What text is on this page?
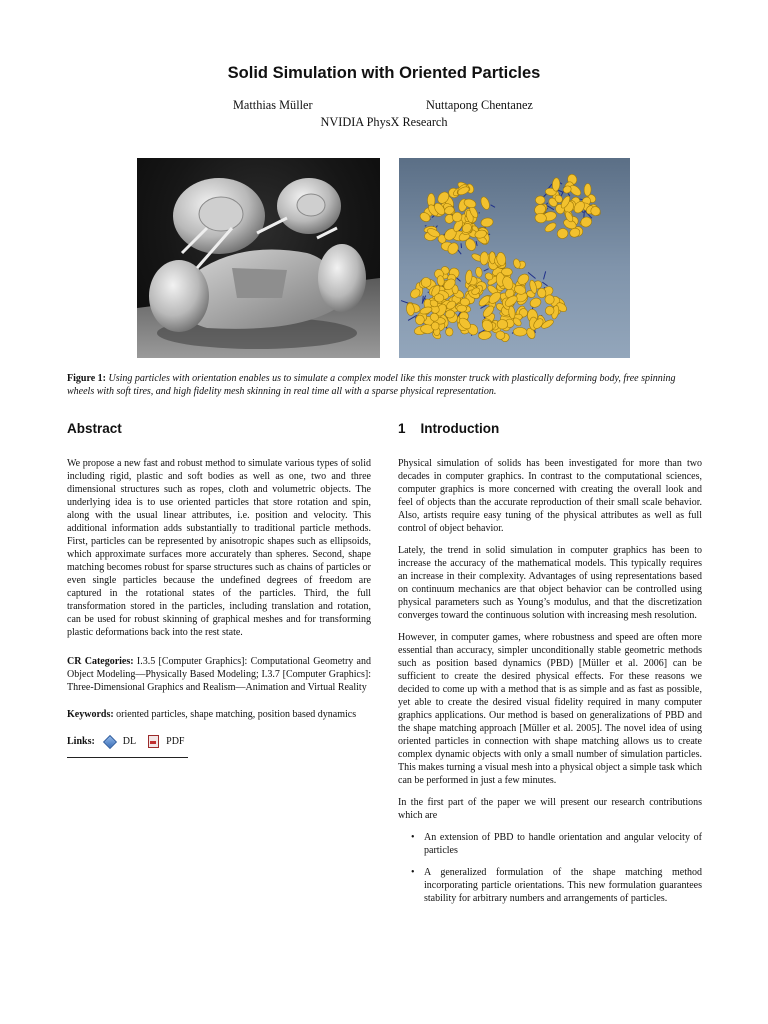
Solid Simulation with Oriented Particles
Matthias Müller	Nuttapong Chentanez
NVIDIA PhysX Research
Figure 1: Using particles with orientation enables us to simulate a complex model like this monster truck with plastically deforming body, free spinning wheels with soft tires, and high fidelity mesh skinning in real time all with a sparse physical representation.
Abstract

We propose a new fast and robust method to simulate various types of solid including rigid, plastic and soft bodies as well as one, two and three dimensional structures such as ropes, cloth and volumetric objects. The underlying idea is to use oriented particles that store rotation and spin, along with the usual linear attributes, i.e. position and velocity. This additional information adds substantially to traditional particle methods. First, particles can be represented by anisotropic shapes such as ellipsoids, which approximate surfaces more accurately than spheres. Second, shape matching becomes robust for sparse structures such as chains of particles or even single particles because the undefined degrees of freedom are captured in the rotational states of the particles. Third, the full transformation stored in the particles, including translation and rotation, can be used for robust skinning of graphical meshes and for transforming plastic deformations back into the rest state.

CR Categories: I.3.5 [Computer Graphics]: Computational Geometry and Object Modeling—Physically Based Modeling; I.3.7 [Computer Graphics]: Three-Dimensional Graphics and Realism—Animation and Virtual Reality

Keywords: oriented particles, shape matching, position based dynamics

Links:	DL	PDF
1 Introduction

Physical simulation of solids has been investigated for more than two decades in computer graphics. In contrast to the computational sciences, computer graphics is more concerned with creating the overall look and feel of objects than the accurate reproduction of their small scale behavior. Also, artists require easy tuning of the physical attributes as well as full control of object behavior.

Lately, the trend in solid simulation in computer graphics has been to increase the accuracy of the mathematical models. This typically requires an increase in their complexity. Advantages of using representations based on continuum mechanics are that object behavior can be controlled using physical parameters such as Young’s modulus, and that the discretization converges toward the continuous solution with increasing mesh resolution.

However, in computer games, where robustness and speed are often more essential than accuracy, simpler unconditionally stable geometric methods such as position based dynamics (PBD) [Müller et al. 2006] can be sufficient to create the desired physical effects. For these reasons we decided to come up with a method that is as simple and as fast as possible, yet able to create the desired visual fidelity required in many computer graphics applications. Our method is based on generalizations of PBD and the shape matching approach [Müller et al. 2005]. The novel idea of using oriented particles in connection with shape matching allows us to create complex dynamic objects with only a small number of simulation particles. This makes turning a visual mesh into a physical object a simple task which can be performed in just a few minutes.

In the first part of the paper we will present our research contributions which are

• An extension of PBD to handle orientation and angular velocity of particles
• A generalized formulation of the shape matching method incorporating particle orientations. This new formulation guarantees stability for arbitrary numbers and arrangements of particles.
